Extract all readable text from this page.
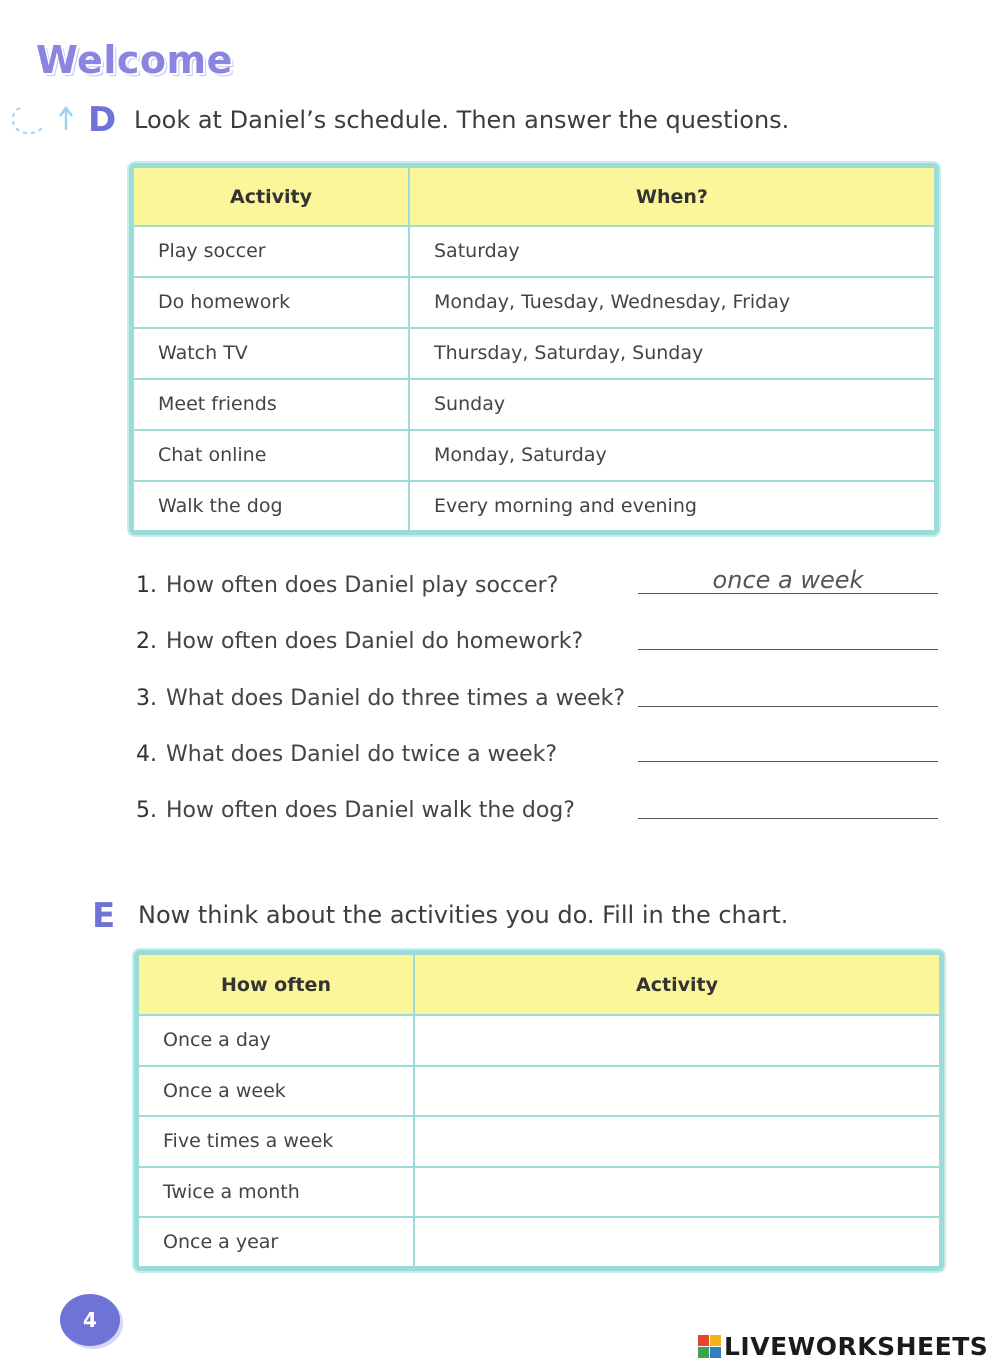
Welcome
D Look at Daniel’s schedule. Then answer the questions.
Activity	When?
Play soccer	Saturday
Do homework	Monday, Tuesday, Wednesday, Friday
Watch TV	Thursday, Saturday, Sunday
Meet friends	Sunday
Chat online	Monday, Saturday
Walk the dog	Every morning and evening
1. How often does Daniel play soccer?	once a week
2. How often does Daniel do homework?
3. What does Daniel do three times a week?
4. What does Daniel do twice a week?
5. How often does Daniel walk the dog?
E Now think about the activities you do. Fill in the chart.
How often	Activity
Once a day	
Once a week	
Five times a week	
Twice a month	
Once a year	
4
LIVEWORKSHEETS
